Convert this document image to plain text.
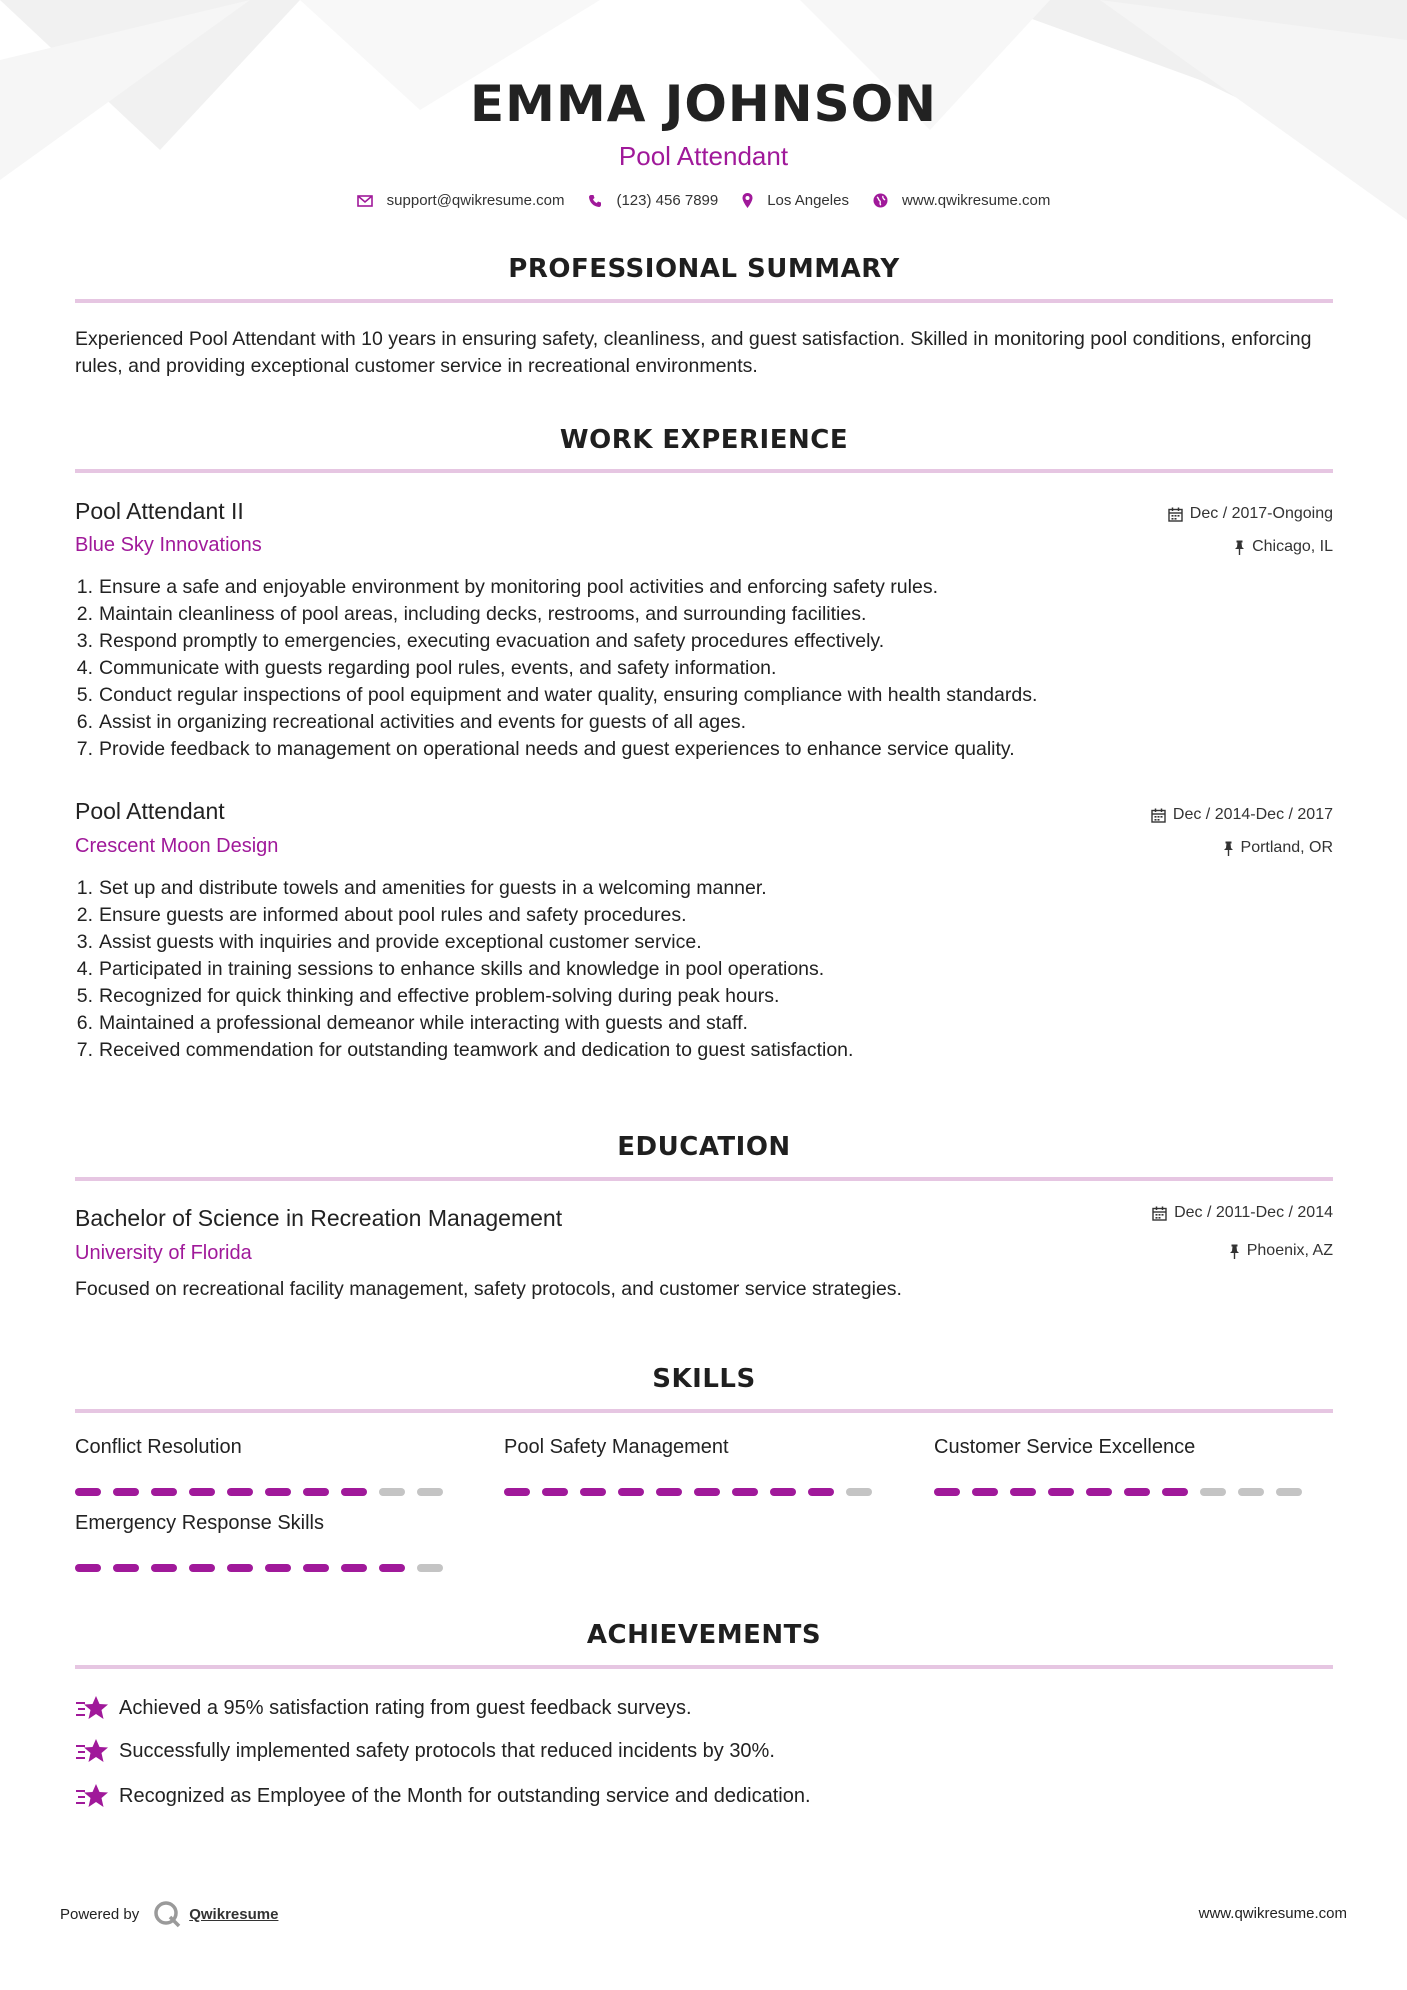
EMMA JOHNSON
Pool Attendant
support@qwikresume.com	(123) 456 7899	Los Angeles	www.qwikresume.com
PROFESSIONAL SUMMARY
Experienced Pool Attendant with 10 years in ensuring safety, cleanliness, and guest satisfaction. Skilled in monitoring pool conditions, enforcing rules, and providing exceptional customer service in recreational environments.
WORK EXPERIENCE
Pool Attendant II
Blue Sky Innovations
Dec / 2017-Ongoing
Chicago, IL
1. Ensure a safe and enjoyable environment by monitoring pool activities and enforcing safety rules.
2. Maintain cleanliness of pool areas, including decks, restrooms, and surrounding facilities.
3. Respond promptly to emergencies, executing evacuation and safety procedures effectively.
4. Communicate with guests regarding pool rules, events, and safety information.
5. Conduct regular inspections of pool equipment and water quality, ensuring compliance with health standards.
6. Assist in organizing recreational activities and events for guests of all ages.
7. Provide feedback to management on operational needs and guest experiences to enhance service quality.
Pool Attendant
Crescent Moon Design
Dec / 2014-Dec / 2017
Portland, OR
1. Set up and distribute towels and amenities for guests in a welcoming manner.
2. Ensure guests are informed about pool rules and safety procedures.
3. Assist guests with inquiries and provide exceptional customer service.
4. Participated in training sessions to enhance skills and knowledge in pool operations.
5. Recognized for quick thinking and effective problem-solving during peak hours.
6. Maintained a professional demeanor while interacting with guests and staff.
7. Received commendation for outstanding teamwork and dedication to guest satisfaction.
EDUCATION
Bachelor of Science in Recreation Management
University of Florida
Dec / 2011-Dec / 2014
Phoenix, AZ
Focused on recreational facility management, safety protocols, and customer service strategies.
SKILLS
Conflict Resolution	Pool Safety Management	Customer Service Excellence
Emergency Response Skills
ACHIEVEMENTS
Achieved a 95% satisfaction rating from guest feedback surveys.
Successfully implemented safety protocols that reduced incidents by 30%.
Recognized as Employee of the Month for outstanding service and dedication.
Powered by	Qwikresume	www.qwikresume.com
